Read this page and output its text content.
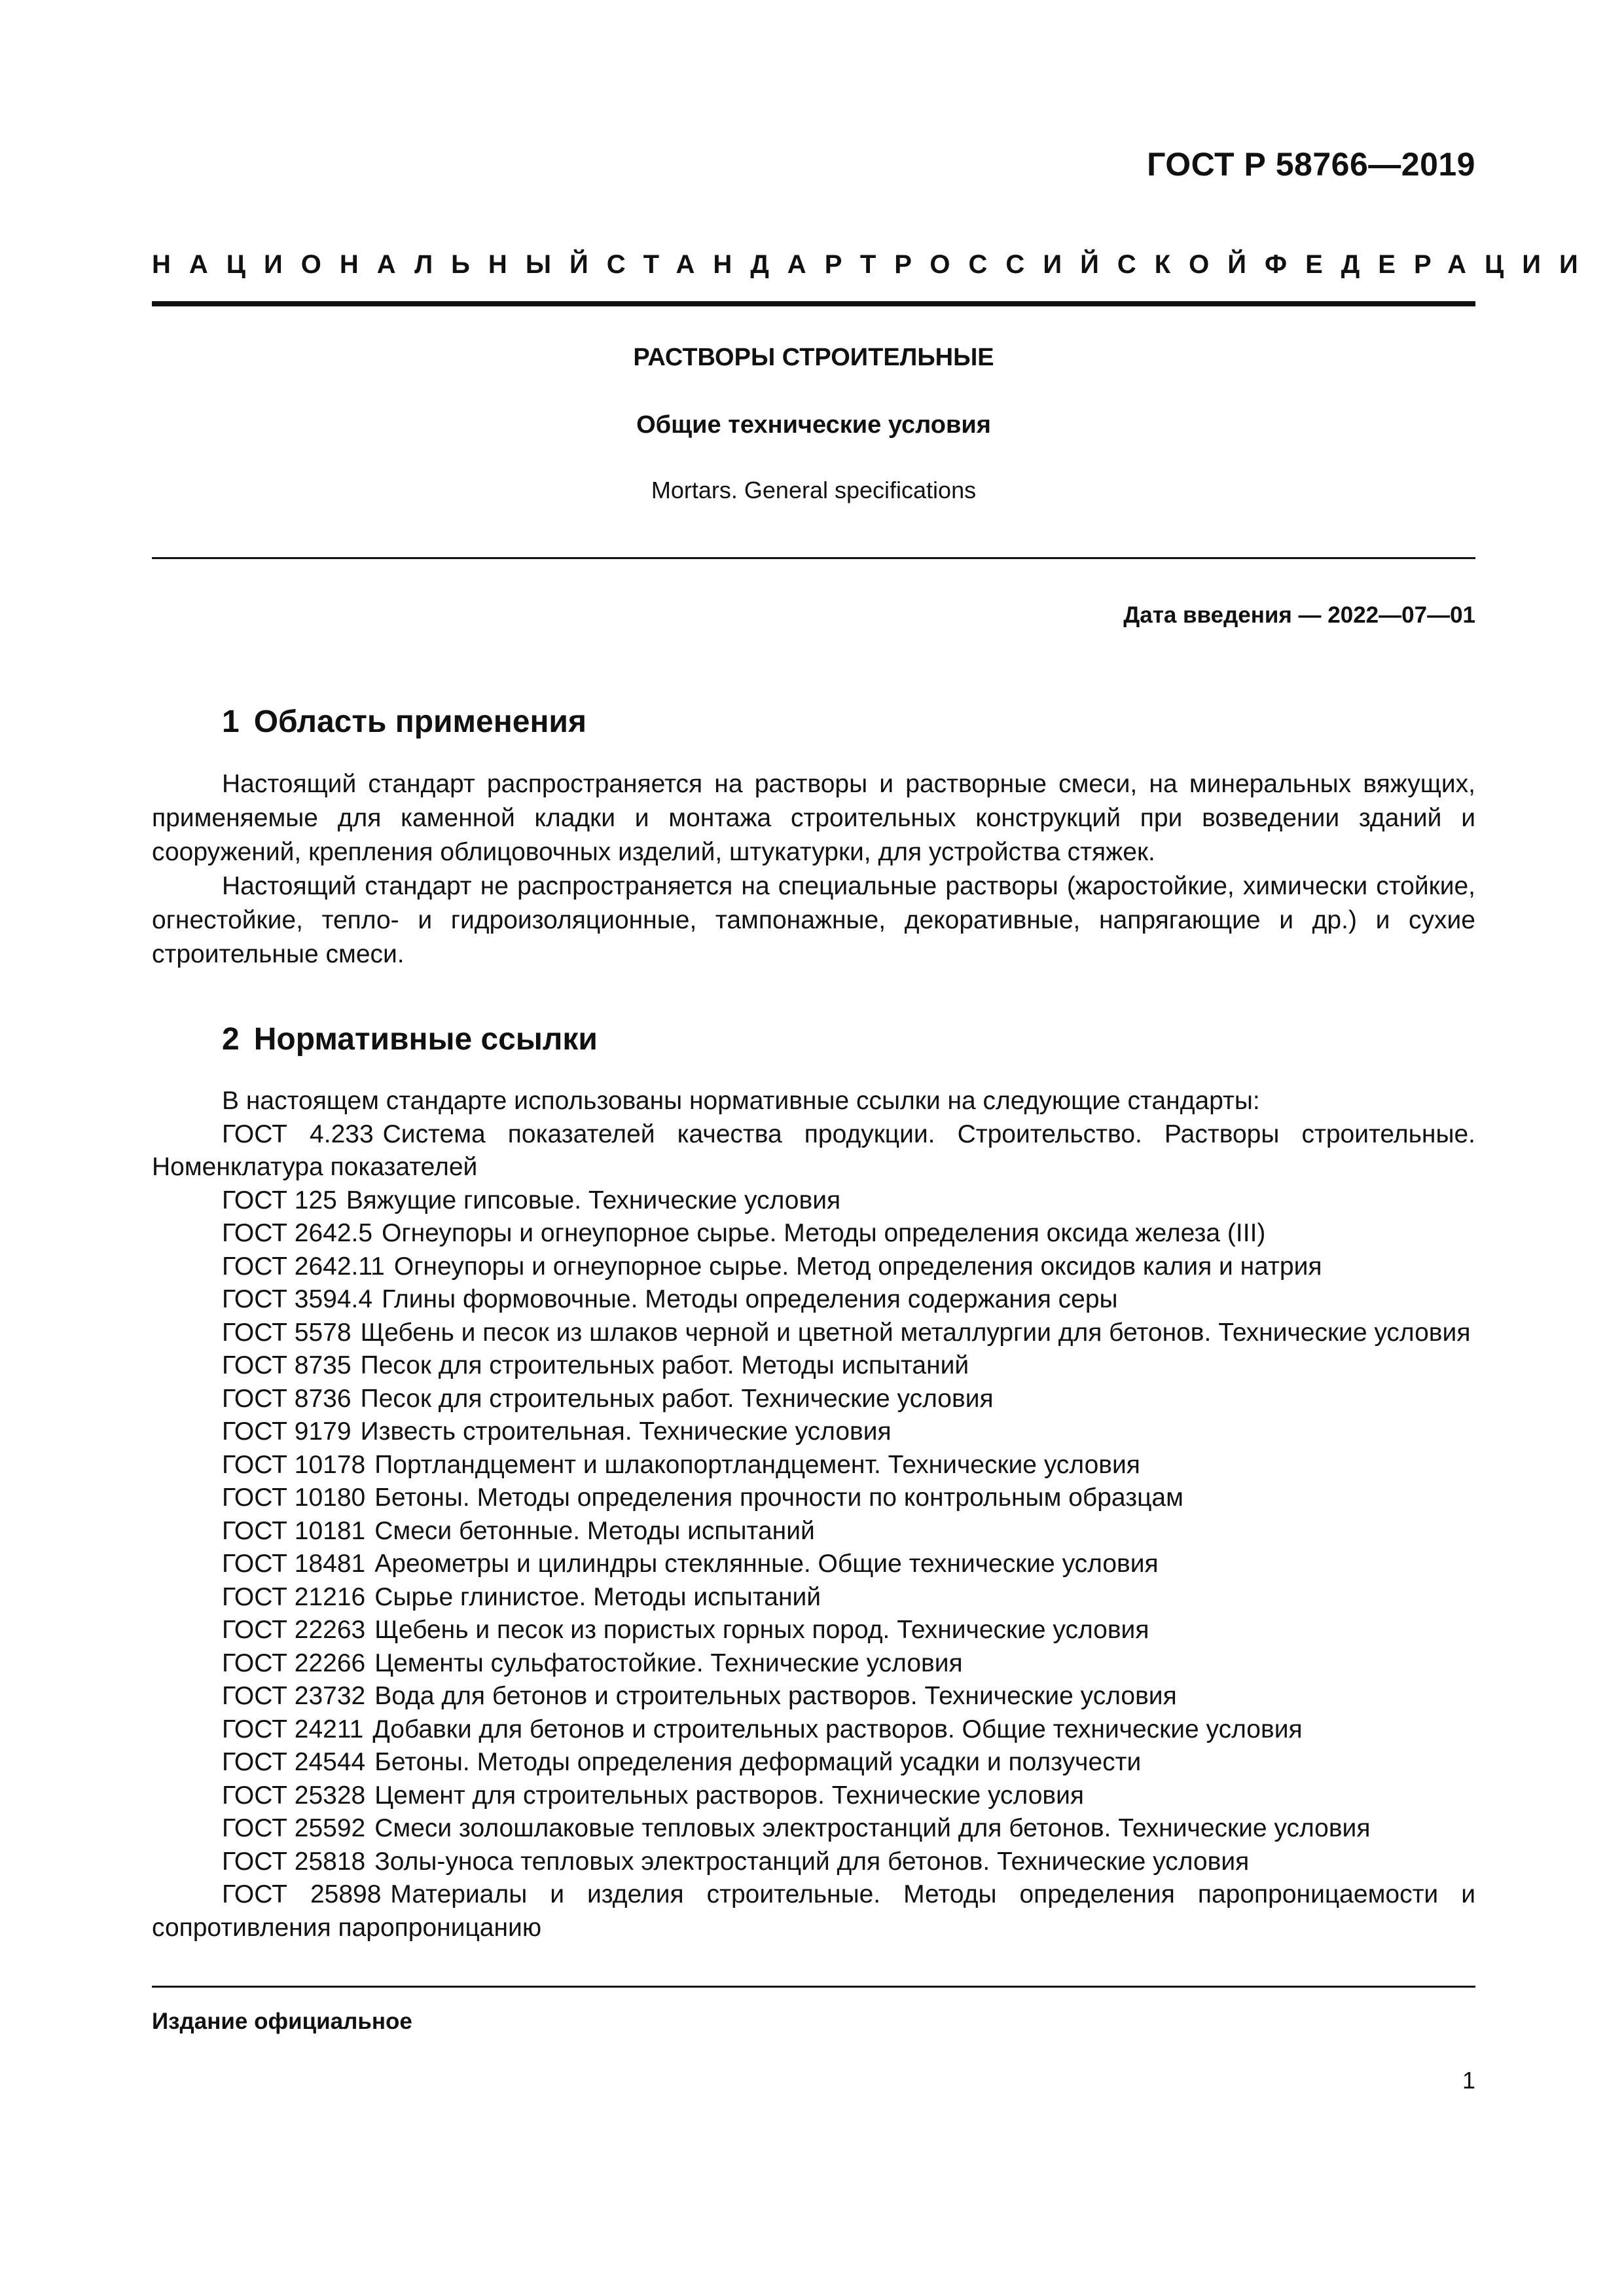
ГОСТ Р 58766—2019
НАЦИОНАЛЬНЫЙ СТАНДАРТ РОССИЙСКОЙ ФЕДЕРАЦИИ
РАСТВОРЫ СТРОИТЕЛЬНЫЕ
Общие технические условия
Mortars. General specifications
Дата введения — 2022—07—01
1 Область применения

Настоящий стандарт распространяется на растворы и растворные смеси, на минеральных вяжущих, применяемые для каменной кладки и монтажа строительных конструкций при возведении зданий и сооружений, крепления облицовочных изделий, штукатурки, для устройства стяжек.

Настоящий стандарт не распространяется на специальные растворы (жаростойкие, химически стойкие, огнестойкие, тепло- и гидроизоляционные, тампонажные, декоративные, напрягающие и др.) и сухие строительные смеси.

2 Нормативные ссылки

В настоящем стандарте использованы нормативные ссылки на следующие стандарты:

ГОСТ 4.233 Система показателей качества продукции. Строительство. Растворы строительные. Номенклатура показателей

ГОСТ 125 Вяжущие гипсовые. Технические условия

ГОСТ 2642.5 Огнеупоры и огнеупорное сырье. Методы определения оксида железа (III)

ГОСТ 2642.11 Огнеупоры и огнеупорное сырье. Метод определения оксидов калия и натрия

ГОСТ 3594.4 Глины формовочные. Методы определения содержания серы

ГОСТ 5578 Щебень и песок из шлаков черной и цветной металлургии для бетонов. Технические условия

ГОСТ 8735 Песок для строительных работ. Методы испытаний

ГОСТ 8736 Песок для строительных работ. Технические условия

ГОСТ 9179 Известь строительная. Технические условия

ГОСТ 10178 Портландцемент и шлакопортландцемент. Технические условия

ГОСТ 10180 Бетоны. Методы определения прочности по контрольным образцам

ГОСТ 10181 Смеси бетонные. Методы испытаний

ГОСТ 18481 Ареометры и цилиндры стеклянные. Общие технические условия

ГОСТ 21216 Сырье глинистое. Методы испытаний

ГОСТ 22263 Щебень и песок из пористых горных пород. Технические условия

ГОСТ 22266 Цементы сульфатостойкие. Технические условия

ГОСТ 23732 Вода для бетонов и строительных растворов. Технические условия

ГОСТ 24211 Добавки для бетонов и строительных растворов. Общие технические условия

ГОСТ 24544 Бетоны. Методы определения деформаций усадки и ползучести

ГОСТ 25328 Цемент для строительных растворов. Технические условия

ГОСТ 25592 Смеси золошлаковые тепловых электростанций для бетонов. Технические условия

ГОСТ 25818 Золы-уноса тепловых электростанций для бетонов. Технические условия

ГОСТ 25898 Материалы и изделия строительные. Методы определения паропроницаемости и сопротивления паропроницанию

Издание официальное
1
